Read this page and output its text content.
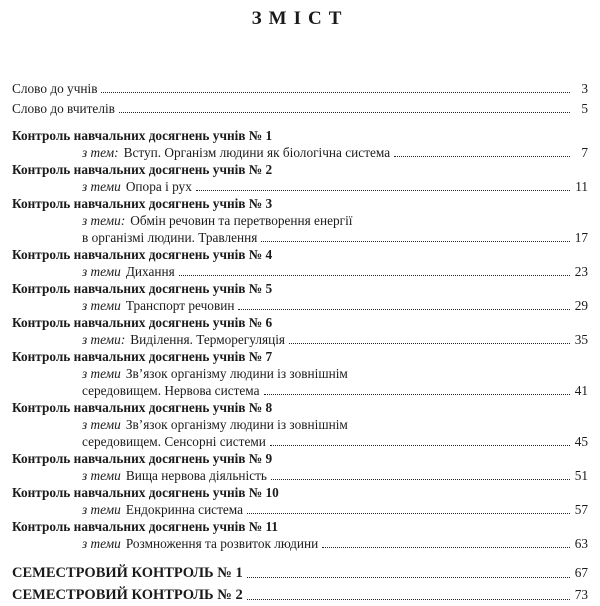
ЗМІСТ
Слово до учнів	3
Слово до вчителів	5
Контроль навчальних досягнень учнів № 1
з тем: Вступ. Організм людини як біологічна система	7
Контроль навчальних досягнень учнів № 2
з теми Опора і рух	11
Контроль навчальних досягнень учнів № 3
з теми: Обмін речовин та перетворення енергії
в організмі людини. Травлення	17
Контроль навчальних досягнень учнів № 4
з теми Дихання	23
Контроль навчальних досягнень учнів № 5
з теми Транспорт речовин	29
Контроль навчальних досягнень учнів № 6
з теми: Виділення. Терморегуляція	35
Контроль навчальних досягнень учнів № 7
з теми Зв’язок організму людини із зовнішнім
середовищем. Нервова система	41
Контроль навчальних досягнень учнів № 8
з теми Зв’язок організму людини із зовнішнім
середовищем. Сенсорні системи	45
Контроль навчальних досягнень учнів № 9
з теми Вища нервова діяльність	51
Контроль навчальних досягнень учнів № 10
з теми Ендокринна система	57
Контроль навчальних досягнень учнів № 11
з теми Розмноження та розвиток людини	63
СЕМЕСТРОВИЙ КОНТРОЛЬ № 1	67
СЕМЕСТРОВИЙ КОНТРОЛЬ № 2	73
